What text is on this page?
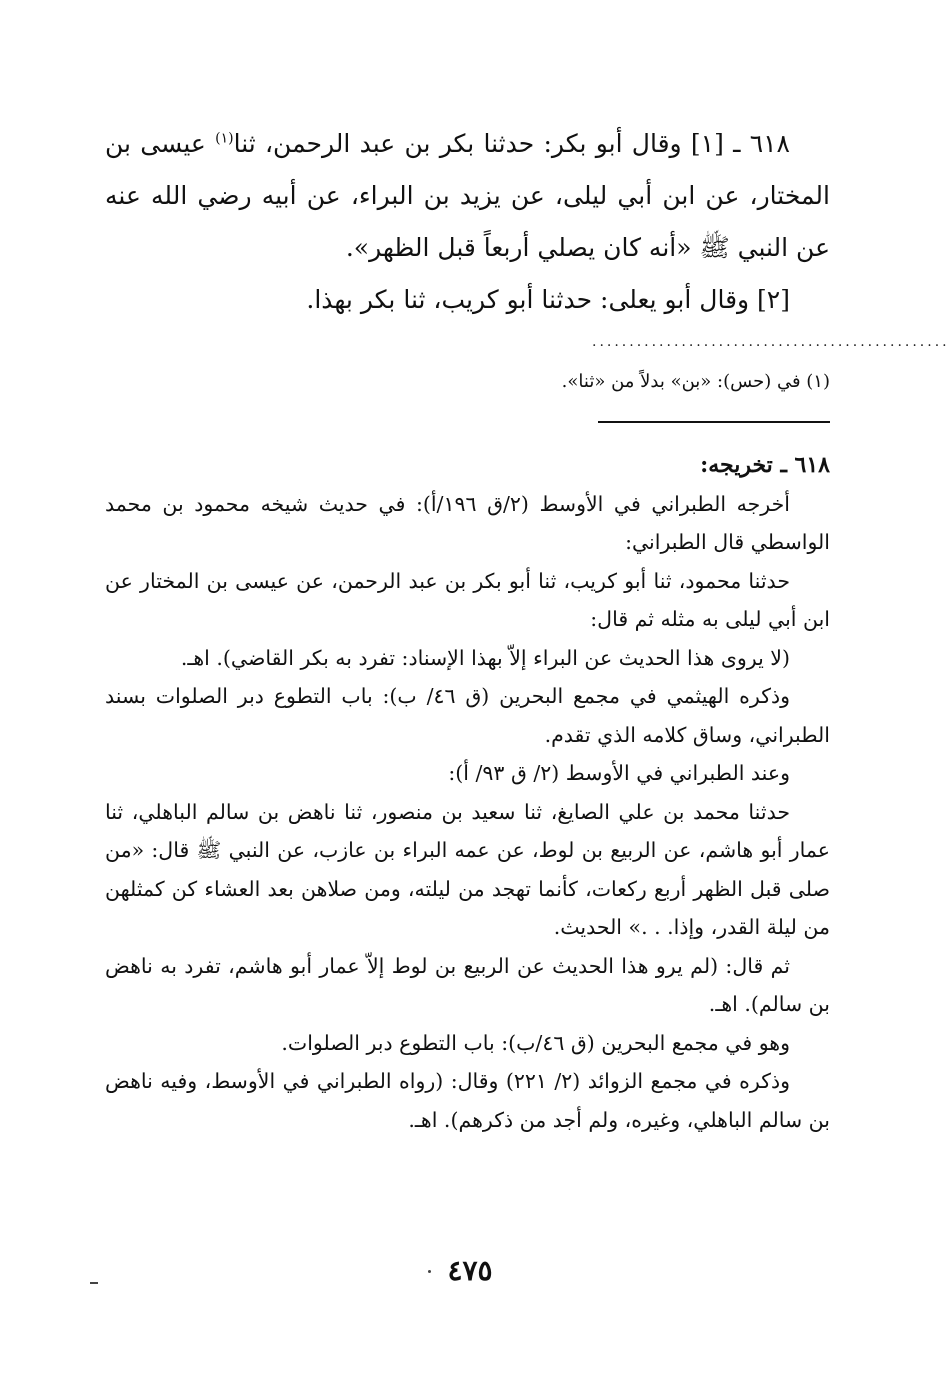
٦١٨ ـ [١] وقال أبو بكر: حدثنا بكر بن عبد الرحمن، ثنا$^{(١)}$ عيسى بن المختار، عن ابن أبي ليلى، عن يزيد بن البراء، عن أبيه رضي الله عنه عن النبي ﷺ «أنه كان يصلي أربعاً قبل الظهر».

[٢] وقال أبو يعلى: حدثنا أبو كريب، ثنا بكر بهذا.

................................................

(١) في (حس): «بن» بدلاً من «ثنا».

٦١٨ ـ تخريجه:

أخرجه الطبراني في الأوسط (٢/ق ١٩٦/أ): في حديث شيخه محمود بن محمد الواسطي قال الطبراني:

حدثنا محمود، ثنا أبو كريب، ثنا أبو بكر بن عبد الرحمن، عن عيسى بن المختار عن ابن أبي ليلى به مثله ثم قال:

(لا يروى هذا الحديث عن البراء إلاّ بهذا الإسناد: تفرد به بكر القاضي). اهـ.

وذكره الهيثمي في مجمع البحرين (ق ٤٦/ ب): باب التطوع دبر الصلوات بسند الطبراني، وساق كلامه الذي تقدم.

وعند الطبراني في الأوسط (٢/ ق ٩٣/ أ):

حدثنا محمد بن علي الصايغ، ثنا سعيد بن منصور، ثنا ناهض بن سالم الباهلي، ثنا عمار أبو هاشم، عن الربيع بن لوط، عن عمه البراء بن عازب، عن النبي ﷺ قال: «من صلى قبل الظهر أربع ركعات، كأنما تهجد من ليلته، ومن صلاهن بعد العشاء كن كمثلهن من ليلة القدر، وإذا. . .» الحديث.

ثم قال: (لم يرو هذا الحديث عن الربيع بن لوط إلاّ عمار أبو هاشم، تفرد به ناهض بن سالم). اهـ.

وهو في مجمع البحرين (ق ٤٦/ب): باب التطوع دبر الصلوات.

وذكره في مجمع الزوائد (٢/ ٢٢١) وقال: (رواه الطبراني في الأوسط، وفيه ناهض بن سالم الباهلي، وغيره، ولم أجد من ذكرهم). اهـ.

٤٧٥
